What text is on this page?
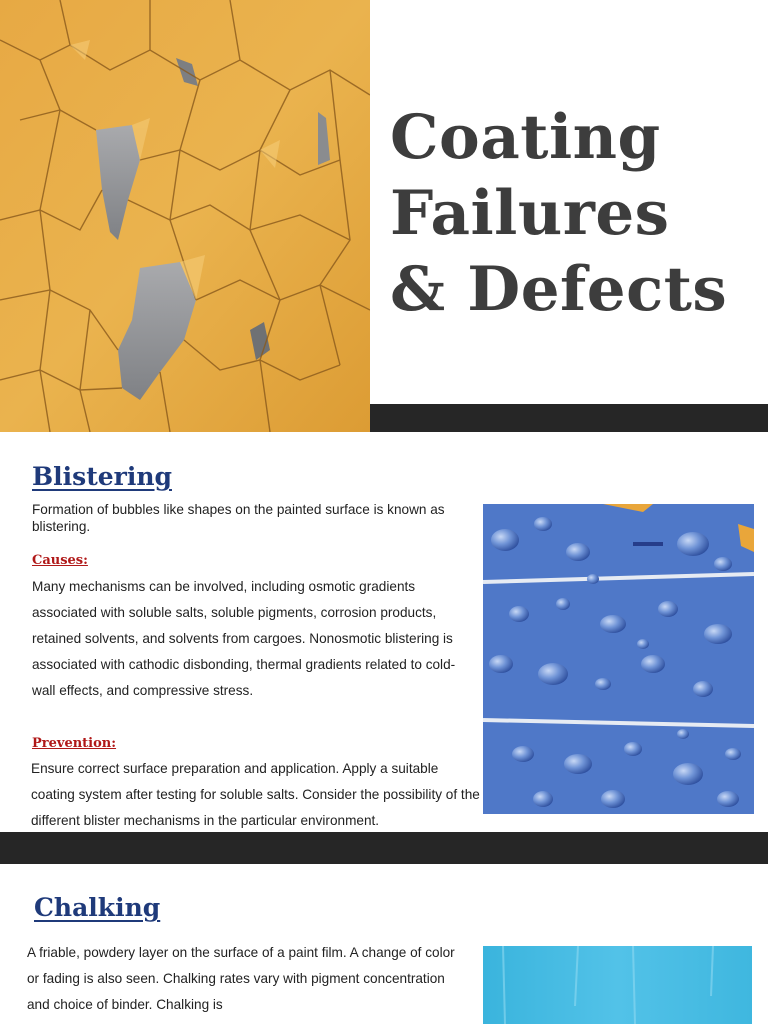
Coating
Failures
& Defects
Blistering
Formation of bubbles like shapes on the painted surface is known as blistering.
Causes:
Many mechanisms can be involved, including osmotic gradients associated with soluble salts, soluble pigments, corrosion products, retained solvents, and solvents from cargoes. Nonosmotic blistering is associated with cathodic disbonding, thermal gradients related to cold-wall effects, and compressive stress.
Prevention:
Ensure correct surface preparation and application. Apply a suitable coating system after testing for soluble salts. Consider the possibility of the different blister mechanisms in the particular environment.
Chalking
A friable, powdery layer on the surface of a paint film. A change of color or fading is also seen. Chalking rates vary with pigment concentration and choice of binder. Chalking is
